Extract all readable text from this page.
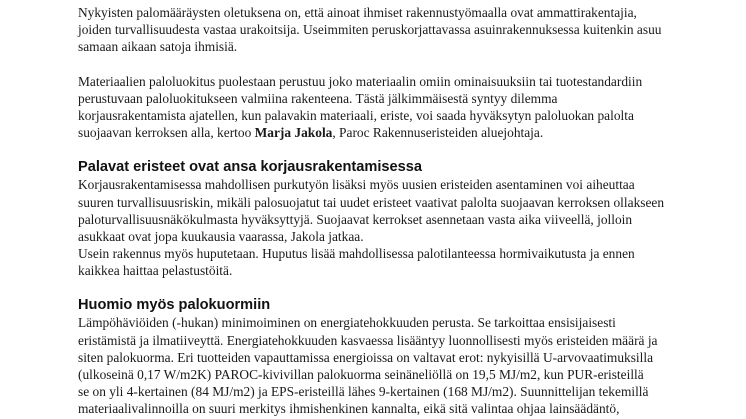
Nykyisten palomääräysten oletuksena on, että ainoat ihmiset rakennustyömaalla ovat ammattirakentajia,
joiden turvallisuudesta vastaa urakoitsija. Useimmiten peruskorjattavassa asuinrakennuksessa kuitenkin asuu
samaan aikaan satoja ihmisiä.
Materiaalien paloluokitus puolestaan perustuu joko materiaalin omiin ominaisuuksiin tai tuotestandardiin
perustuvaan paloluokitukseen valmiina rakenteena. Tästä jälkimmäisestä syntyy dilemma
korjausrakentamista ajatellen, kun palavakin materiaali, eriste, voi saada hyväksytyn paloluokan palolta
suojaavan kerroksen alla, kertoo Marja Jakola, Paroc Rakennuseristeiden aluejohtaja.
Palavat eristeet ovat ansa korjausrakentamisessa
Korjausrakentamisessa mahdollisen purkutyön lisäksi myös uusien eristeiden asentaminen voi aiheuttaa
suuren turvallisuusriskin, mikäli palosuojatut tai uudet eristeet vaativat palolta suojaavan kerroksen ollakseen
paloturvallisuusnäkökulmasta hyväksyttyjä. Suojaavat kerrokset asennetaan vasta aika viiveellä, jolloin
asukkaat ovat jopa kuukausia vaarassa, Jakola jatkaa.
Usein rakennus myös huputetaan. Huputus lisää mahdollisessa palotilanteessa hormivaikutusta ja ennen
kaikkea haittaa pelastustöitä.
Huomio myös palokuormiin
Lämpöhäviöiden (-hukan) minimoiminen on energiatehokkuuden perusta. Se tarkoittaa ensisijaisesti
eristämistä ja ilmatiiveyttä. Energiatehokkuuden kasvaessa lisääntyy luonnollisesti myös eristeiden määrä ja
siten palokuorma. Eri tuotteiden vapauttamissa energioissa on valtavat erot: nykyisillä U-arvovaatimuksilla
(ulkoseinä 0,17 W/m2K) PAROC-kivivillan palokuorma seinäneliöllä on 19,5 MJ/m2, kun PUR-eristeillä
se on yli 4-kertainen (84 MJ/m2) ja EPS-eristeillä lähes 9-kertainen (168 MJ/m2). Suunnittelijan tekemillä
materiaalivalinnoilla on suuri merkitys ihmishenkinen kannalta, eikä sitä valintaa ohjaa lainsäädäntö,
